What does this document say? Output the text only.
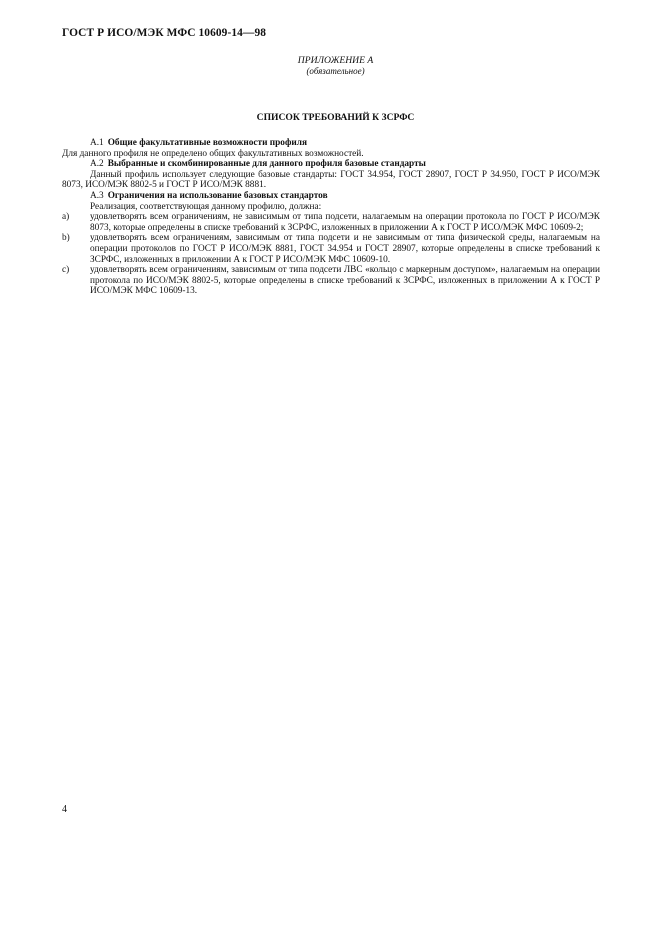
ГОСТ Р ИСО/МЭК МФС 10609-14—98
ПРИЛОЖЕНИЕ А
(обязательное)
СПИСОК ТРЕБОВАНИЙ К ЗСРФС

А.1 Общие факультативные возможности профиля

Для данного профиля не определено общих факультативных возможностей.

А.2 Выбранные и скомбинированные для данного профиля базовые стандарты

Данный профиль использует следующие базовые стандарты: ГОСТ 34.954, ГОСТ 28907, ГОСТ Р 34.950, ГОСТ Р ИСО/МЭК 8073, ИСО/МЭК 8802-5 и ГОСТ Р ИСО/МЭК 8881.

А.3 Ограничения на использование базовых стандартов

Реализация, соответствующая данному профилю, должна:

a)	удовлетворять всем ограничениям, не зависимым от типа подсети, налагаемым на операции протокола по ГОСТ Р ИСО/МЭК 8073, которые определены в списке требований к ЗСРФС, изложенных в приложении А к ГОСТ Р ИСО/МЭК МФС 10609-2;
b)	удовлетворять всем ограничениям, зависимым от типа подсети и не зависимым от типа физической среды, налагаемым на операции протоколов по ГОСТ Р ИСО/МЭК 8881, ГОСТ 34.954 и ГОСТ 28907, которые определены в списке требований к ЗСРФС, изложенных в приложении А к ГОСТ Р ИСО/МЭК МФС 10609-10.
c)	удовлетворять всем ограничениям, зависимым от типа подсети ЛВС «кольцо с маркерным доступом», налагаемым на операции протокола по ИСО/МЭК 8802-5, которые определены в списке требований к ЗСРФС, изложенных в приложении А к ГОСТ Р ИСО/МЭК МФС 10609-13.
4
